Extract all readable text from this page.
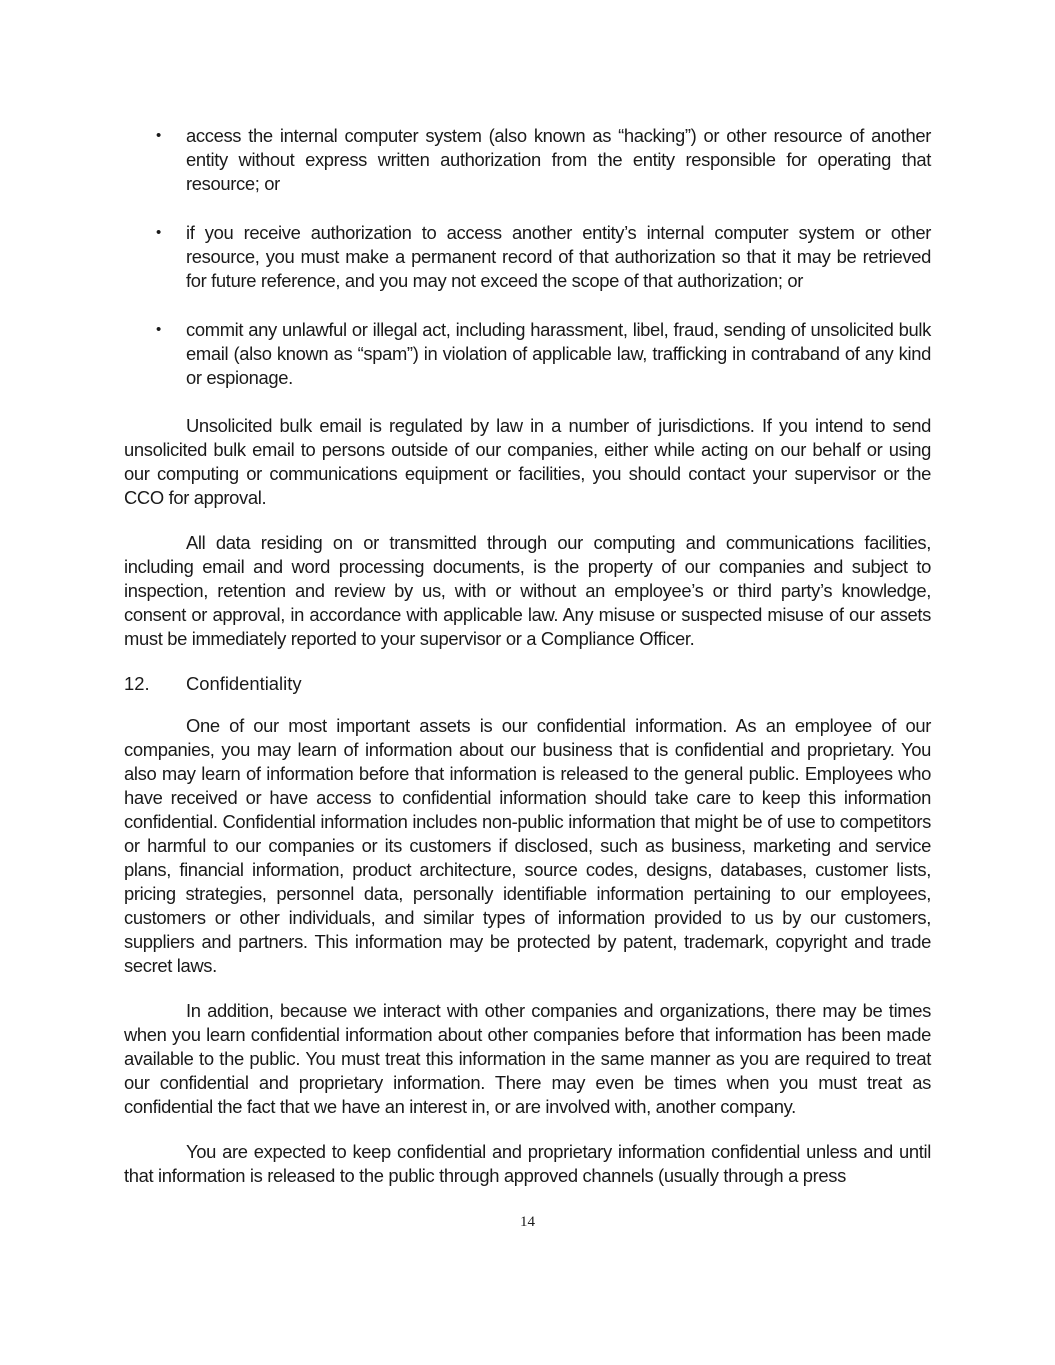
• access the internal computer system (also known as “hacking”) or other resource of another entity without express written authorization from the entity responsible for operating that resource; or
• if you receive authorization to access another entity’s internal computer system or other resource, you must make a permanent record of that authorization so that it may be retrieved for future reference, and you may not exceed the scope of that authorization; or
• commit any unlawful or illegal act, including harassment, libel, fraud, sending of unsolicited bulk email (also known as “spam”) in violation of applicable law, trafficking in contraband of any kind or espionage.

Unsolicited bulk email is regulated by law in a number of jurisdictions. If you intend to send unsolicited bulk email to persons outside of our companies, either while acting on our behalf or using our computing or communications equipment or facilities, you should contact your supervisor or the CCO for approval.

All data residing on or transmitted through our computing and communications facilities, including email and word processing documents, is the property of our companies and subject to inspection, retention and review by us, with or without an employee’s or third party’s knowledge, consent or approval, in accordance with applicable law. Any misuse or suspected misuse of our assets must be immediately reported to your supervisor or a Compliance Officer.

12.	Confidentiality

One of our most important assets is our confidential information. As an employee of our companies, you may learn of information about our business that is confidential and proprietary. You also may learn of information before that information is released to the general public. Employees who have received or have access to confidential information should take care to keep this information confidential. Confidential information includes non-public information that might be of use to competitors or harmful to our companies or its customers if disclosed, such as business, marketing and service plans, financial information, product architecture, source codes, designs, databases, customer lists, pricing strategies, personnel data, personally identifiable information pertaining to our employees, customers or other individuals, and similar types of information provided to us by our customers, suppliers and partners. This information may be protected by patent, trademark, copyright and trade secret laws.

In addition, because we interact with other companies and organizations, there may be times when you learn confidential information about other companies before that information has been made available to the public. You must treat this information in the same manner as you are required to treat our confidential and proprietary information. There may even be times when you must treat as confidential the fact that we have an interest in, or are involved with, another company.

You are expected to keep confidential and proprietary information confidential unless and until that information is released to the public through approved channels (usually through a press

14
